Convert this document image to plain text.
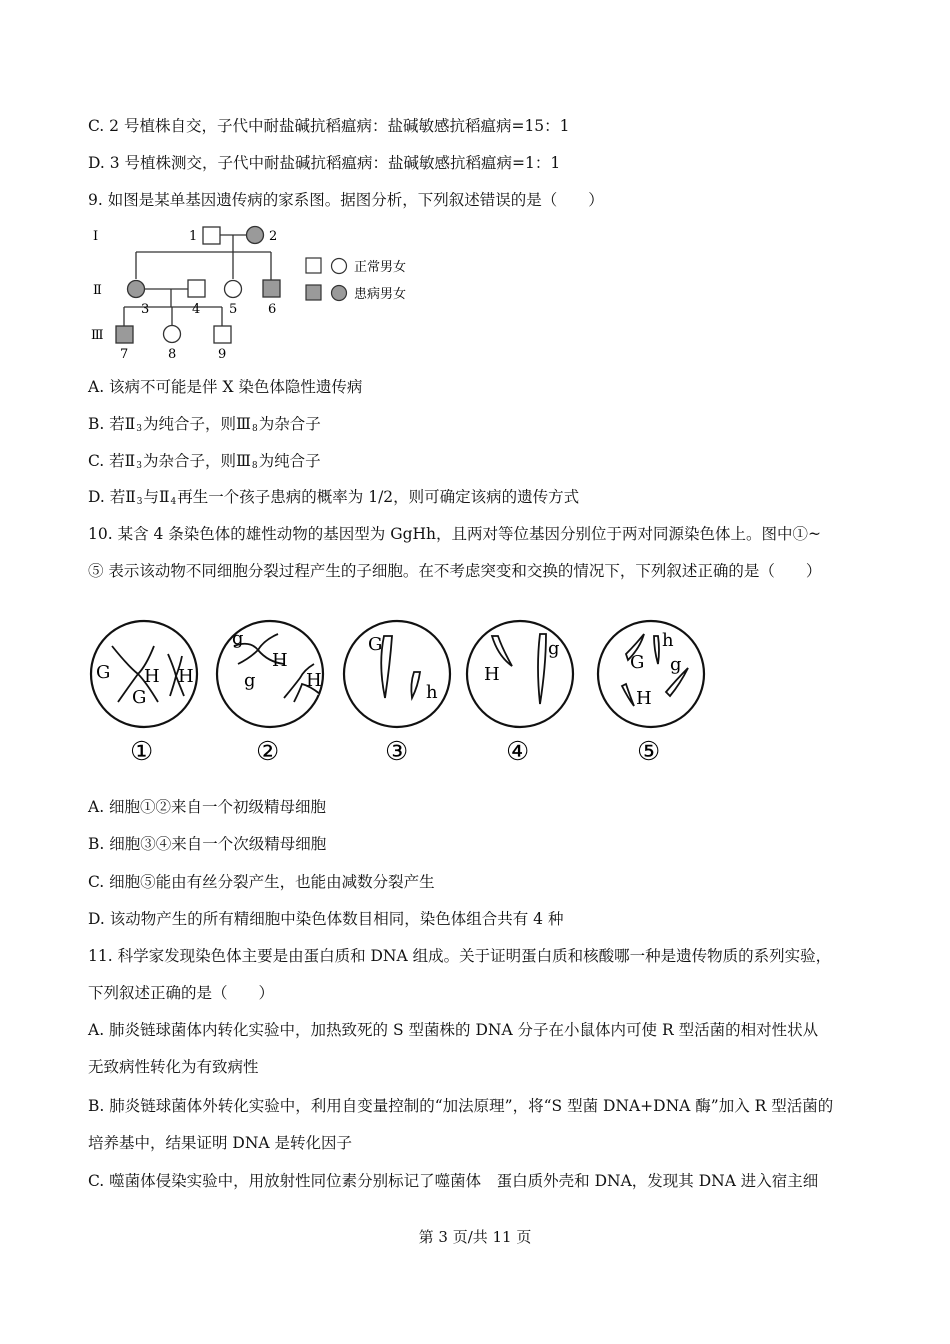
C. 2 号植株自交，子代中耐盐碱抗稻瘟病：盐碱敏感抗稻瘟病=15：1
D. 3 号植株测交，子代中耐盐碱抗稻瘟病：盐碱敏感抗稻瘟病=1：1
9. 如图是某单基因遗传病的家系图。据图分析，下列叙述错误的是（　　）
Ⅰ
Ⅱ
Ⅲ
1	2
3	4 5 6
7	8	9
正常男女
患病男女
A. 该病不可能是伴 X 染色体隐性遗传病
B. 若$Ⅱ_3$为纯合子，则$Ⅲ_8$为杂合子
C. 若$Ⅱ_3$为杂合子，则$Ⅲ_8$为纯合子
D. 若$Ⅱ_3$与$Ⅱ_4$再生一个孩子患病的概率为 1/2，则可确定该病的遗传方式
10. 某含 4 条染色体的雄性动物的基因型为 GgHh，且两对等位基因分别位于两对同源染色体上。图中①~
⑤ 表示该动物不同细胞分裂过程产生的子细胞。在不考虑突变和交换的情况下，下列叙述正确的是（　　）
G H H
G
g
H
g	H
G
h
H
g
G
h
g
H
①	②	③	④	⑤
A. 细胞①②来自一个初级精母细胞
B. 细胞③④来自一个次级精母细胞
C. 细胞⑤能由有丝分裂产生，也能由减数分裂产生
D. 该动物产生的所有精细胞中染色体数目相同，染色体组合共有 4 种
11. 科学家发现染色体主要是由蛋白质和 DNA 组成。关于证明蛋白质和核酸哪一种是遗传物质的系列实验，
下列叙述正确的是（　　）
A. 肺炎链球菌体内转化实验中，加热致死的 S 型菌株的 DNA 分子在小鼠体内可使 R 型活菌的相对性状从
无致病性转化为有致病性
B. 肺炎链球菌体外转化实验中，利用自变量控制的“加法原理”，将“S 型菌 DNA+DNA 酶”加入 R 型活菌的
培养基中，结果证明 DNA 是转化因子
C. 噬菌体侵染实验中，用放射性同位素分别标记了噬菌体　蛋白质外壳和 DNA，发现其 DNA 进入宿主细
第 3 页/共 11 页
